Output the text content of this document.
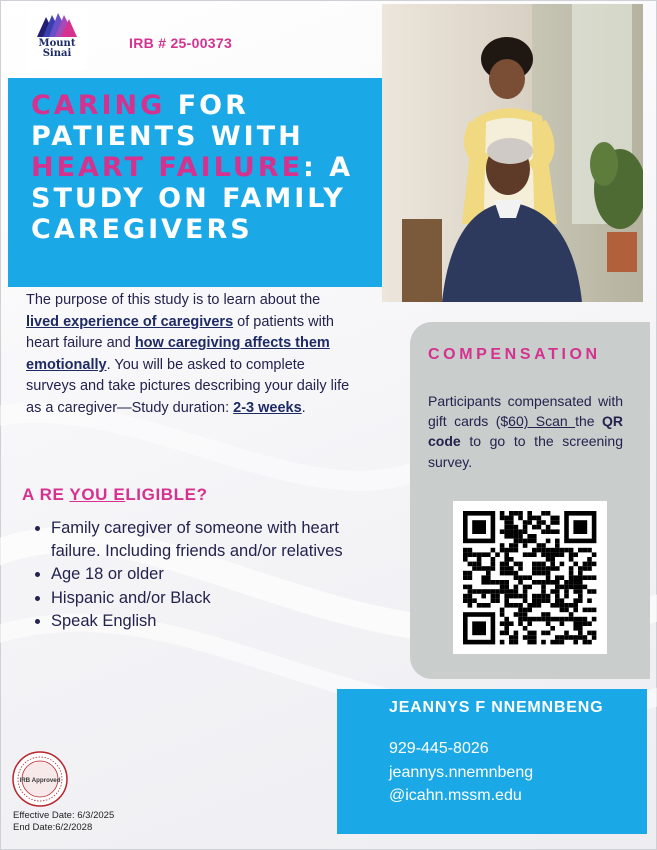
Mount
Sinai
IRB # 25-00373
CARING FOR PATIENTS WITH HEART FAILURE: A STUDY ON FAMILY CAREGIVERS
The purpose of this study is to learn about the lived experience of caregivers of patients with heart failure and how caregiving affects them emotionally. You will be asked to complete surveys and take pictures describing your daily life as a caregiver—Study duration: 2-3 weeks.
A RE YOU ELIGIBLE?
• Family caregiver of someone with heart failure. Including friends and/or relatives
• Age 18 or older
• Hispanic and/or Black
• Speak English
COMPENSATION
Participants compensated with gift cards ($60) Scan the QR code to go to the screening survey.
JEANNYS F NNEMNBENG
929-445-8026
jeannys.nnemnbeng
@icahn.mssm.edu
IRB Approved
Effective Date: 6/3/2025
End Date:6/2/2028
